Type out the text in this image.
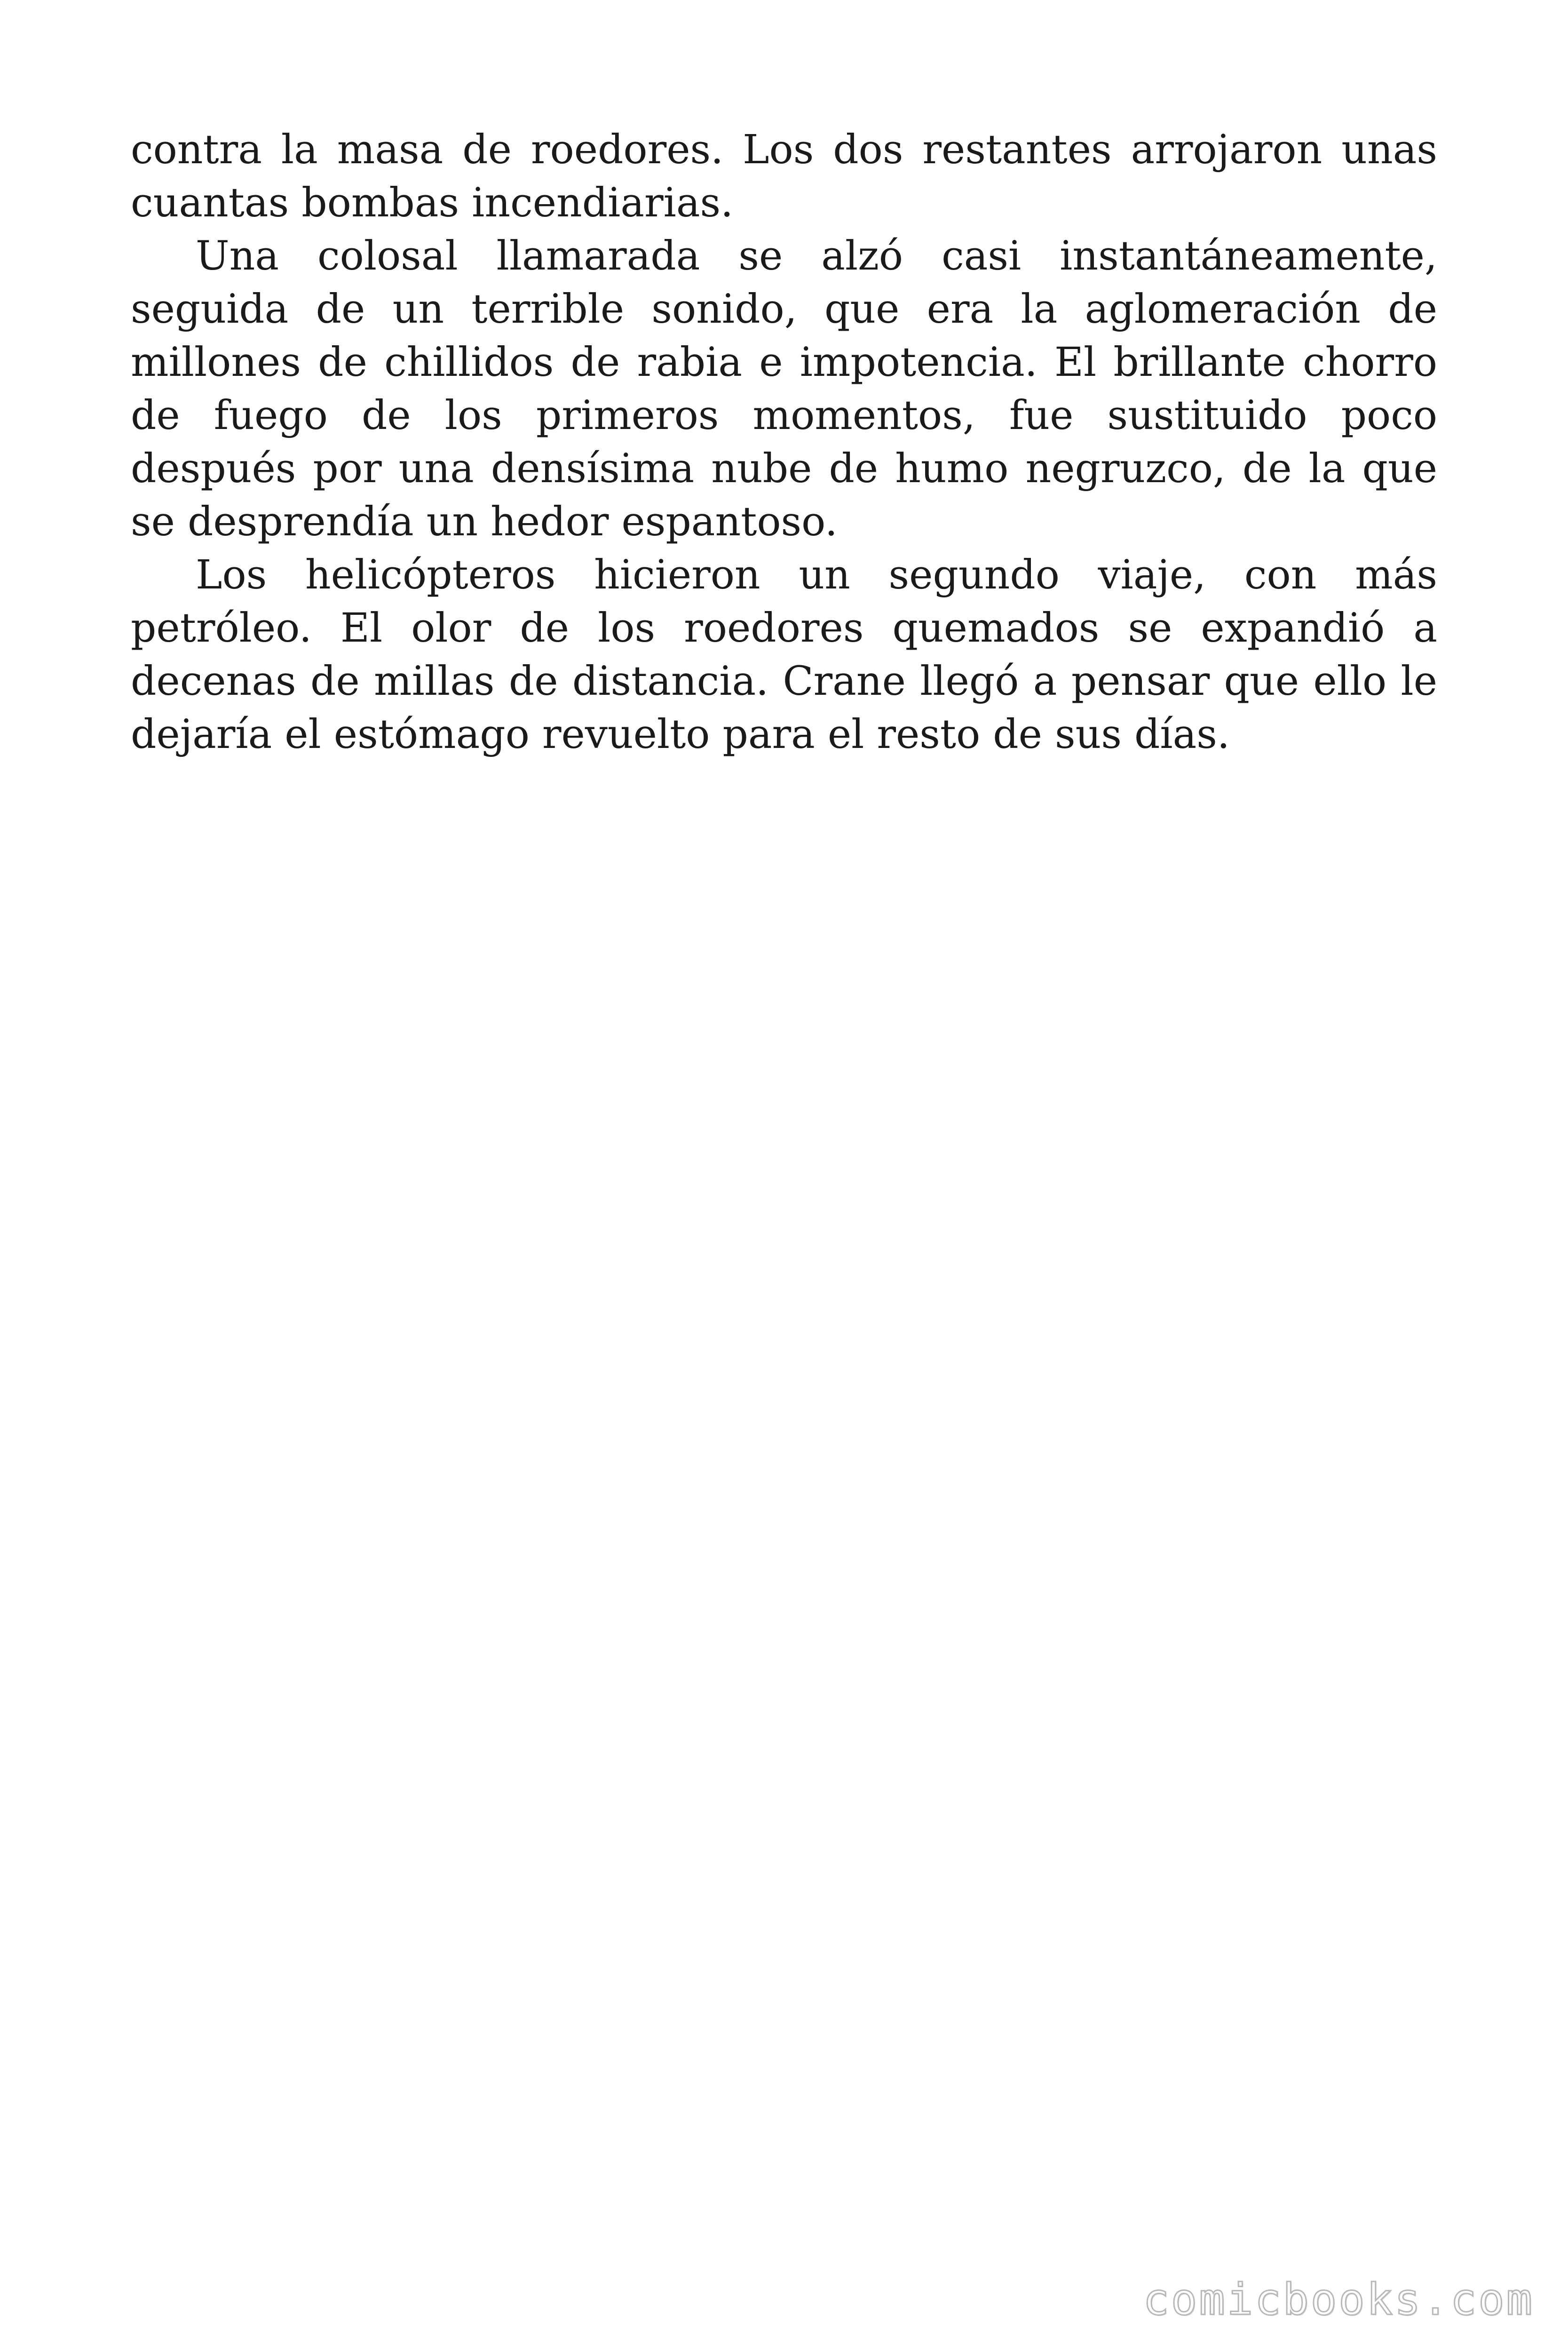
contra la masa de roedores. Los dos restantes arrojaron unas cuantas bombas incendiarias.

Una colosal llamarada se alzó casi instantáneamente, seguida de un terrible sonido, que era la aglomeración de millones de chillidos de rabia e impotencia. El brillante chorro de fuego de los primeros momentos, fue sustituido poco después por una densísima nube de humo negruzco, de la que se desprendía un hedor espantoso.

Los helicópteros hicieron un segundo viaje, con más petróleo. El olor de los roedores quemados se expandió a decenas de millas de distancia. Crane llegó a pensar que ello le dejaría el estómago revuelto para el resto de sus días.

comicbooks.com
